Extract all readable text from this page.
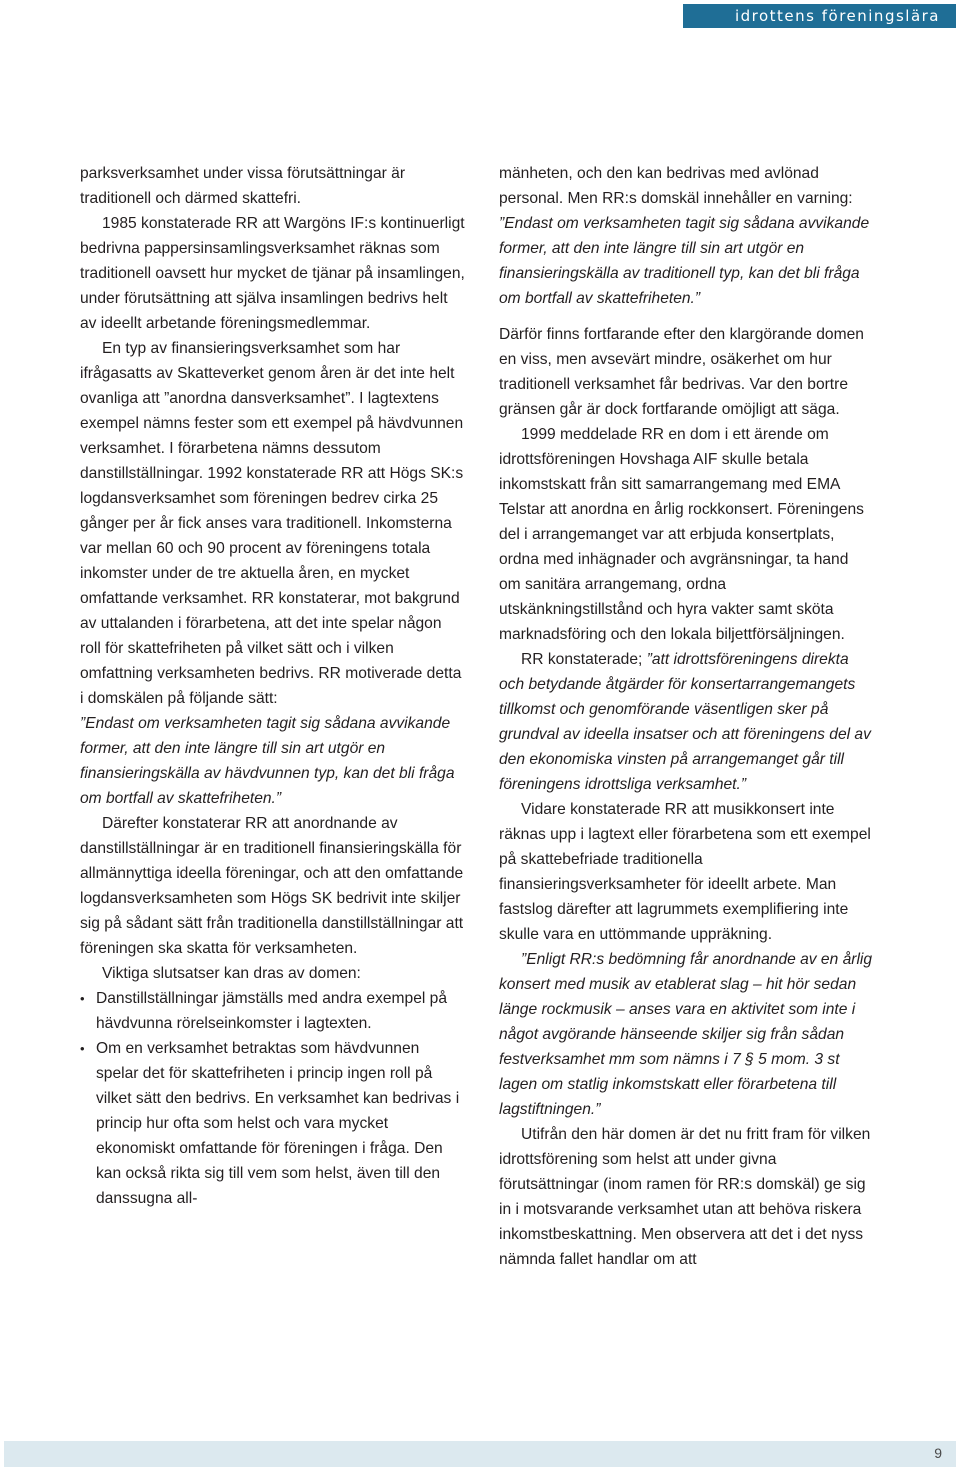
idrottens föreningslära

parksverksamhet under vissa förutsättningar är traditionell och därmed skattefri.

1985 konstaterade RR att Wargöns IF:s kontinuerligt bedrivna pappersinsamlingsverksamhet räknas som traditionell oavsett hur mycket de tjänar på insamlingen, under förutsättning att själva insamlingen bedrivs helt av ideellt arbetande föreningsmedlemmar.

En typ av finansieringsverksamhet som har ifrågasatts av Skatteverket genom åren är det inte helt ovanliga att ”anordna dansverksamhet”. I lagtextens exempel nämns fester som ett exempel på hävdvunnen verksamhet. I förarbetena nämns dessutom danstillställningar. 1992 konstaterade RR att Högs SK:s logdansverksamhet som föreningen bedrev cirka 25 gånger per år fick anses vara traditionell. Inkomsterna var mellan 60 och 90 procent av föreningens totala inkomster under de tre aktuella åren, en mycket omfattande verksamhet. RR konstaterar, mot bakgrund av uttalanden i förarbetena, att det inte spelar någon roll för skattefriheten på vilket sätt och i vilken omfattning verksamheten bedrivs. RR motiverade detta i domskälen på följande sätt:

”Endast om verksamheten tagit sig sådana avvikande former, att den inte längre till sin art utgör en finansieringskälla av hävdvunnen typ, kan det bli fråga om bortfall av skattefriheten.”

Därefter konstaterar RR att anordnande av danstillställningar är en traditionell finansieringskälla för allmännyttiga ideella föreningar, och att den omfattande logdansverksamheten som Högs SK bedrivit inte skiljer sig på sådant sätt från traditionella danstillställningar att föreningen ska skatta för verksamheten.

Viktiga slutsatser kan dras av domen:

• Danstillställningar jämställs med andra exempel på hävdvunna rörelseinkomster i lagtexten.
• Om en verksamhet betraktas som hävdvunnen spelar det för skattefriheten i princip ingen roll på vilket sätt den bedrivs. En verksamhet kan bedrivas i princip hur ofta som helst och vara mycket ekonomiskt omfattande för föreningen i fråga. Den kan också rikta sig till vem som helst, även till den danssugna all-

mänheten, och den kan bedrivas med avlönad personal. Men RR:s domskäl innehåller en varning: ”Endast om verksamheten tagit sig sådana avvikande former, att den inte längre till sin art utgör en finansieringskälla av traditionell typ, kan det bli fråga om bortfall av skattefriheten.”

Därför finns fortfarande efter den klargörande domen en viss, men avsevärt mindre, osäkerhet om hur traditionell verksamhet får bedrivas. Var den bortre gränsen går är dock fortfarande omöjligt att säga.

1999 meddelade RR en dom i ett ärende om idrottsföreningen Hovshaga AIF skulle betala inkomstskatt från sitt samarrangemang med EMA Telstar att anordna en årlig rockkonsert. Föreningens del i arrangemanget var att erbjuda konsertplats, ordna med inhägnader och avgränsningar, ta hand om sanitära arrangemang, ordna utskänkningstillstånd och hyra vakter samt sköta marknadsföring och den lokala biljettförsäljningen.

RR konstaterade; ”att idrottsföreningens direkta och betydande åtgärder för konsertarrangemangets tillkomst och genomförande väsentligen sker på grundval av ideella insatser och att föreningens del av den ekonomiska vinsten på arrangemanget går till föreningens idrottsliga verksamhet.”

Vidare konstaterade RR att musikkonsert inte räknas upp i lagtext eller förarbetena som ett exempel på skattebefriade traditionella finansieringsverksamheter för ideellt arbete. Man fastslog därefter att lagrummets exemplifiering inte skulle vara en uttömmande uppräkning.

”Enligt RR:s bedömning får anordnande av en årlig konsert med musik av etablerat slag – hit hör sedan länge rockmusik – anses vara en aktivitet som inte i något avgörande hänseende skiljer sig från sådan festverksamhet mm som nämns i 7 § 5 mom. 3 st lagen om statlig inkomstskatt eller förarbetena till lagstiftningen.”

Utifrån den här domen är det nu fritt fram för vilken idrottsförening som helst att under givna förutsättningar (inom ramen för RR:s domskäl) ge sig in i motsvarande verksamhet utan att behöva riskera inkomstbeskattning. Men observera att det i det nyss nämnda fallet handlar om att

9
